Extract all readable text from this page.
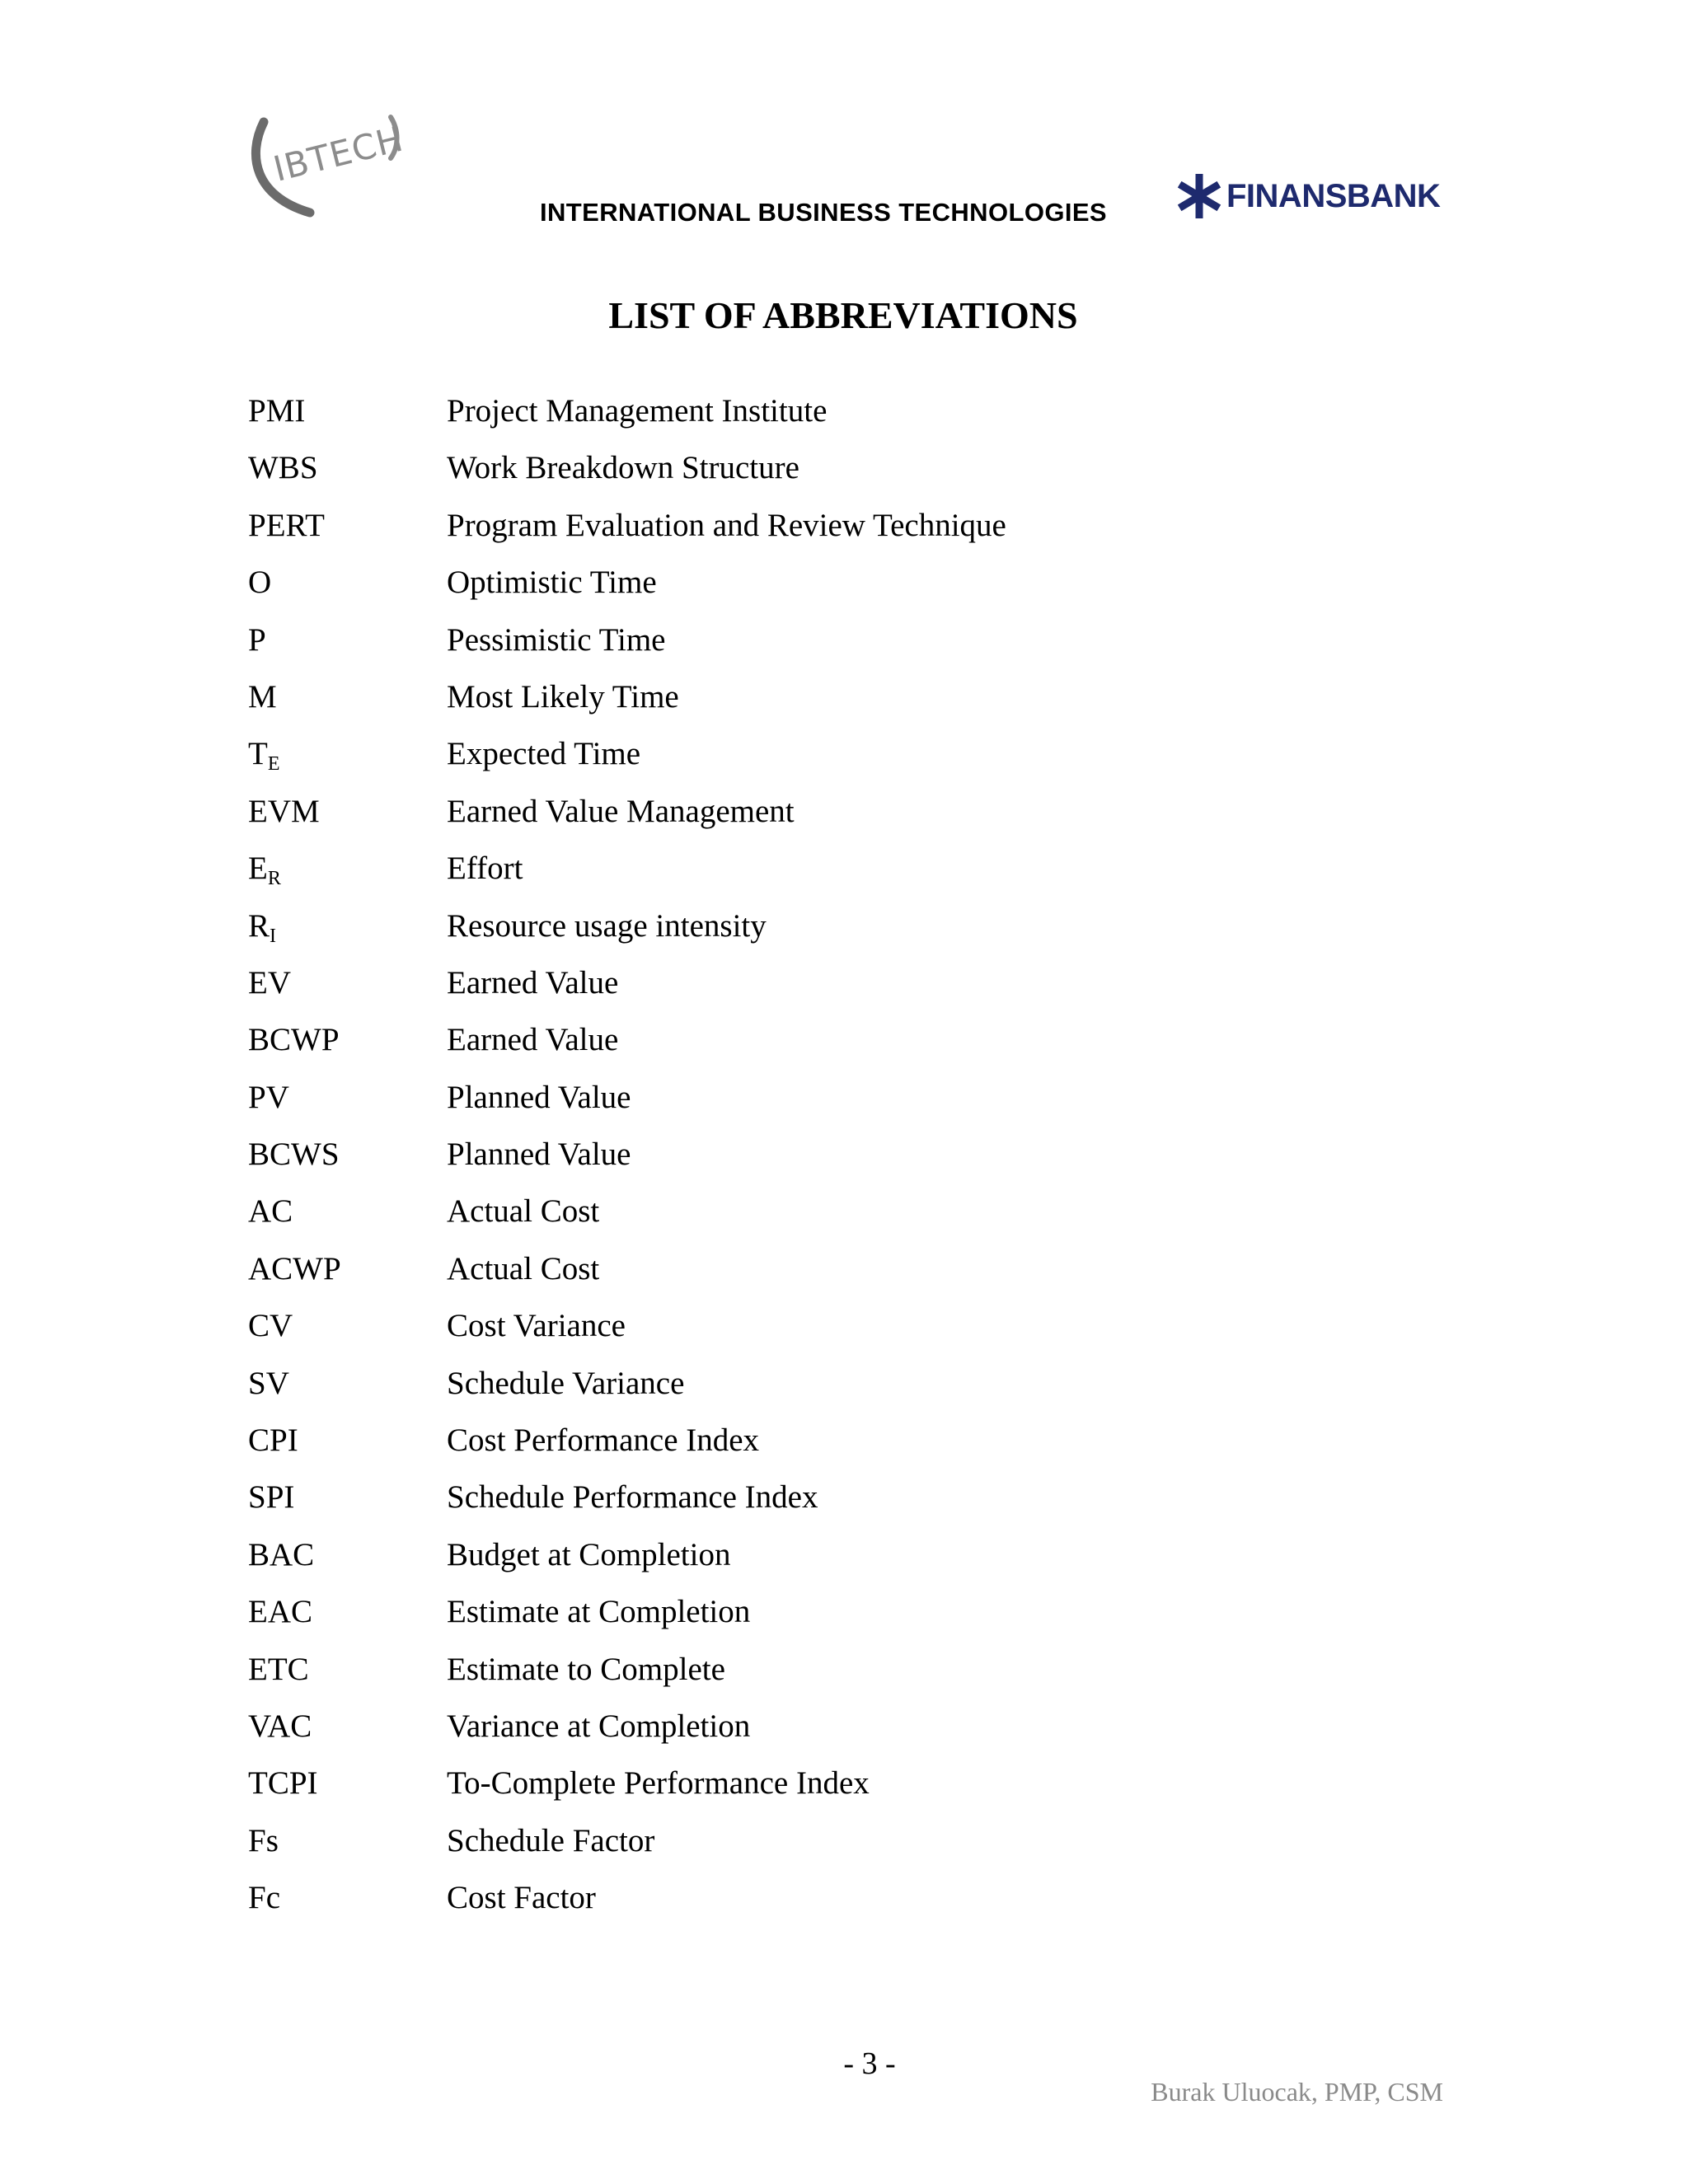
IBTECH
INTERNATIONAL BUSINESS TECHNOLOGIES	FINANSBANK
LIST OF ABBREVIATIONS
PMI	Project Management Institute
WBS	Work Breakdown Structure
PERT	Program Evaluation and Review Technique
O	Optimistic Time
P	Pessimistic Time
M	Most Likely Time
$T_E$	Expected Time
EVM	Earned Value Management
$E_R$	Effort
$R_I$	Resource usage intensity
EV	Earned Value
BCWP	Earned Value
PV	Planned Value
BCWS	Planned Value
AC	Actual Cost
ACWP	Actual Cost
CV	Cost Variance
SV	Schedule Variance
CPI	Cost Performance Index
SPI	Schedule Performance Index
BAC	Budget at Completion
EAC	Estimate at Completion
ETC	Estimate to Complete
VAC	Variance at Completion
TCPI	To-Complete Performance Index
Fs	Schedule Factor
Fc	Cost Factor
- 3 -
Burak Uluocak, PMP, CSM
